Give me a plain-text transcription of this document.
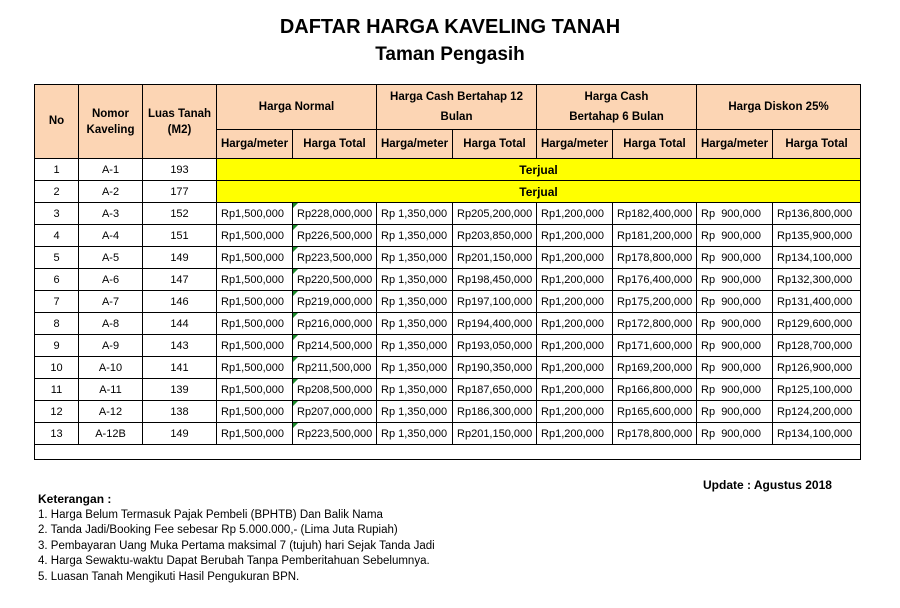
DAFTAR HARGA KAVELING TANAH
Taman Pengasih
No	Nomor Kaveling	Luas Tanah (M2)	Harga Normal		Harga Cash Bertahap 12 Bulan		Harga Cash Bertahap 6 Bulan		Harga Diskon 25%	
			Harga/meter	Harga Total	Harga/meter	Harga Total	Harga/meter	Harga Total	Harga/meter	Harga Total
1	A-1	193	Terjual							
2	A-2	177	Terjual							
3	A-3	152	Rp1,500,000	Rp228,000,000	Rp 1,350,000	Rp205,200,000	Rp1,200,000	Rp182,400,000	Rp  900,000	Rp136,800,000
4	A-4	151	Rp1,500,000	Rp226,500,000	Rp 1,350,000	Rp203,850,000	Rp1,200,000	Rp181,200,000	Rp  900,000	Rp135,900,000
5	A-5	149	Rp1,500,000	Rp223,500,000	Rp 1,350,000	Rp201,150,000	Rp1,200,000	Rp178,800,000	Rp  900,000	Rp134,100,000
6	A-6	147	Rp1,500,000	Rp220,500,000	Rp 1,350,000	Rp198,450,000	Rp1,200,000	Rp176,400,000	Rp  900,000	Rp132,300,000
7	A-7	146	Rp1,500,000	Rp219,000,000	Rp 1,350,000	Rp197,100,000	Rp1,200,000	Rp175,200,000	Rp  900,000	Rp131,400,000
8	A-8	144	Rp1,500,000	Rp216,000,000	Rp 1,350,000	Rp194,400,000	Rp1,200,000	Rp172,800,000	Rp  900,000	Rp129,600,000
9	A-9	143	Rp1,500,000	Rp214,500,000	Rp 1,350,000	Rp193,050,000	Rp1,200,000	Rp171,600,000	Rp  900,000	Rp128,700,000
10	A-10	141	Rp1,500,000	Rp211,500,000	Rp 1,350,000	Rp190,350,000	Rp1,200,000	Rp169,200,000	Rp  900,000	Rp126,900,000
11	A-11	139	Rp1,500,000	Rp208,500,000	Rp 1,350,000	Rp187,650,000	Rp1,200,000	Rp166,800,000	Rp  900,000	Rp125,100,000
12	A-12	138	Rp1,500,000	Rp207,000,000	Rp 1,350,000	Rp186,300,000	Rp1,200,000	Rp165,600,000	Rp  900,000	Rp124,200,000
13	A-12B	149	Rp1,500,000	Rp223,500,000	Rp 1,350,000	Rp201,150,000	Rp1,200,000	Rp178,800,000	Rp  900,000	Rp134,100,000

Update : Agustus 2018
Keterangan :
1. Harga Belum Termasuk Pajak Pembeli (BPHTB) Dan Balik Nama
2. Tanda Jadi/Booking Fee sebesar Rp 5.000.000,- (Lima Juta Rupiah)
3. Pembayaran Uang Muka Pertama maksimal 7 (tujuh) hari Sejak Tanda Jadi
4. Harga Sewaktu-waktu Dapat Berubah Tanpa Pemberitahuan Sebelumnya.
5. Luasan Tanah Mengikuti Hasil Pengukuran BPN.
